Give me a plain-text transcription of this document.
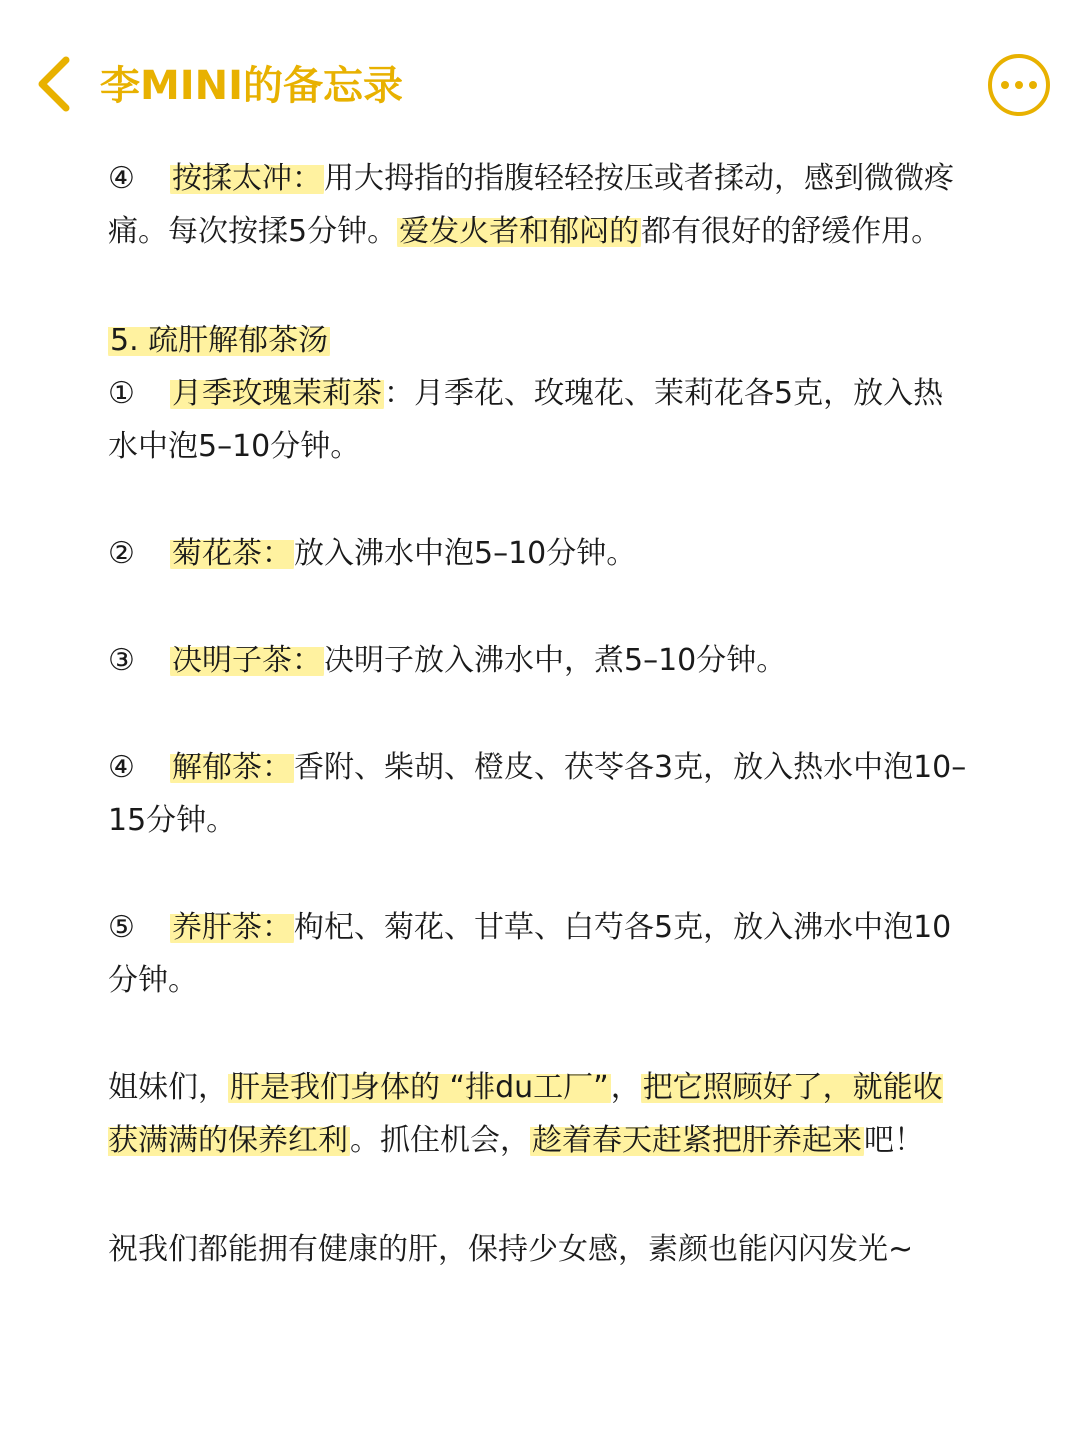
李MINI的备忘录

④ 按揉太冲：用大拇指的指腹轻轻按压或者揉动，感到微微疼痛。每次按揉5分钟。爱发火者和郁闷的都有很好的舒缓作用。

5. 疏肝解郁茶汤

① 月季玫瑰茉莉茶：月季花、玫瑰花、茉莉花各5克，放入热水中泡5–10分钟。

② 菊花茶：放入沸水中泡5–10分钟。

③ 决明子茶：决明子放入沸水中，煮5–10分钟。

④ 解郁茶：香附、柴胡、橙皮、茯苓各3克，放入热水中泡10–15分钟。

⑤ 养肝茶：枸杞、菊花、甘草、白芍各5克，放入沸水中泡10分钟。

姐妹们，肝是我们身体的 “排du工厂”，把它照顾好了，就能收获满满的保养红利。抓住机会，趁着春天赶紧把肝养起来吧！

祝我们都能拥有健康的肝，保持少女感，素颜也能闪闪发光~
